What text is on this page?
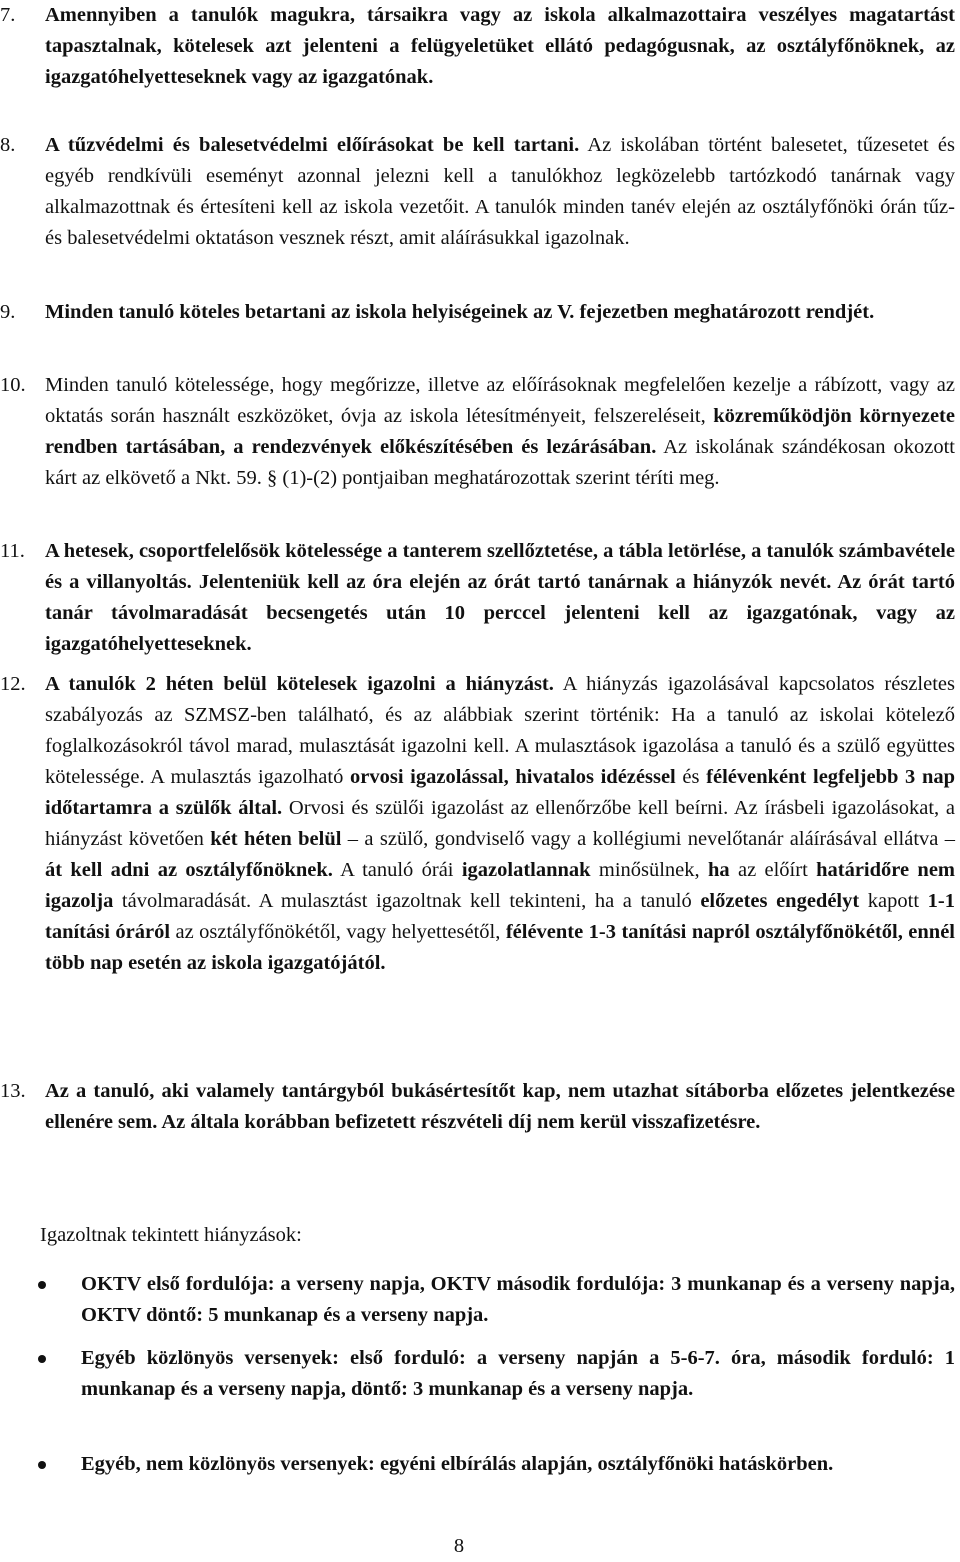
7. Amennyiben a tanulók magukra, társaikra vagy az iskola alkalmazottaira veszélyes magatartást tapasztalnak, kötelesek azt jelenteni a felügyeletüket ellátó pedagógusnak, az osztályfőnöknek, az igazgatóhelyetteseknek vagy az igazgatónak.
8. A tűzvédelmi és balesetvédelmi előírásokat be kell tartani. Az iskolában történt balesetet, tűzesetet és egyéb rendkívüli eseményt azonnal jelezni kell a tanulókhoz legközelebb tartózkodó tanárnak vagy alkalmazottnak és értesíteni kell az iskola vezetőit. A tanulók minden tanév elején az osztályfőnöki órán tűz- és balesetvédelmi oktatáson vesznek részt, amit aláírásukkal igazolnak.
9. Minden tanuló köteles betartani az iskola helyiségeinek az V. fejezetben meghatározott rendjét.
10. Minden tanuló kötelessége, hogy megőrizze, illetve az előírásoknak megfelelően kezelje a rábízott, vagy az oktatás során használt eszközöket, óvja az iskola létesítményeit, felszereléseit, közreműködjön környezete rendben tartásában, a rendezvények előkészítésében és lezárásában. Az iskolának szándékosan okozott kárt az elkövető a Nkt. 59. § (1)-(2) pontjaiban meghatározottak szerint téríti meg.
11. A hetesek, csoportfelelősök kötelessége a tanterem szellőztetése, a tábla letörlése, a tanulók számbavétele és a villanyoltás. Jelenteniük kell az óra elején az órát tartó tanárnak a hiányzók nevét. Az órát tartó tanár távolmaradását becsengetés után 10 perccel jelenteni kell az igazgatónak, vagy az igazgatóhelyetteseknek.
12. A tanulók 2 héten belül kötelesek igazolni a hiányzást. A hiányzás igazolásával kapcsolatos részletes szabályozás az SZMSZ-ben található, és az alábbiak szerint történik: Ha a tanuló az iskolai kötelező foglalkozásokról távol marad, mulasztását igazolni kell. A mulasztások igazolása a tanuló és a szülő együttes kötelessége. A mulasztás igazolható orvosi igazolással, hivatalos idézéssel és félévenként legfeljebb 3 nap időtartamra a szülők által. Orvosi és szülői igazolást az ellenőrzőbe kell beírni. Az írásbeli igazolásokat, a hiányzást követően két héten belül – a szülő, gondviselő vagy a kollégiumi nevelőtanár aláírásával ellátva – át kell adni az osztályfőnöknek. A tanuló órái igazolatlannak minősülnek, ha az előírt határidőre nem igazolja távolmaradását. A mulasztást igazoltnak kell tekinteni, ha a tanuló előzetes engedélyt kapott 1-1 tanítási óráról az osztályfőnökétől, vagy helyettesétől, félévente 1-3 tanítási napról osztályfőnökétől, ennél több nap esetén az iskola igazgatójától.
13. Az a tanuló, aki valamely tantárgyból bukásértesítőt kap, nem utazhat sítáborba előzetes jelentkezése ellenére sem. Az általa korábban befizetett részvételi díj nem kerül visszafizetésre.
Igazoltnak tekintett hiányzások:
OKTV első fordulója: a verseny napja, OKTV második fordulója: 3 munkanap és a verseny napja, OKTV döntő: 5 munkanap és a verseny napja.
Egyéb közlönyös versenyek: első forduló: a verseny napján a 5-6-7. óra, második forduló: 1 munkanap és a verseny napja, döntő: 3 munkanap és a verseny napja.
Egyéb, nem közlönyös versenyek: egyéni elbírálás alapján, osztályfőnöki hatáskörben.
8
